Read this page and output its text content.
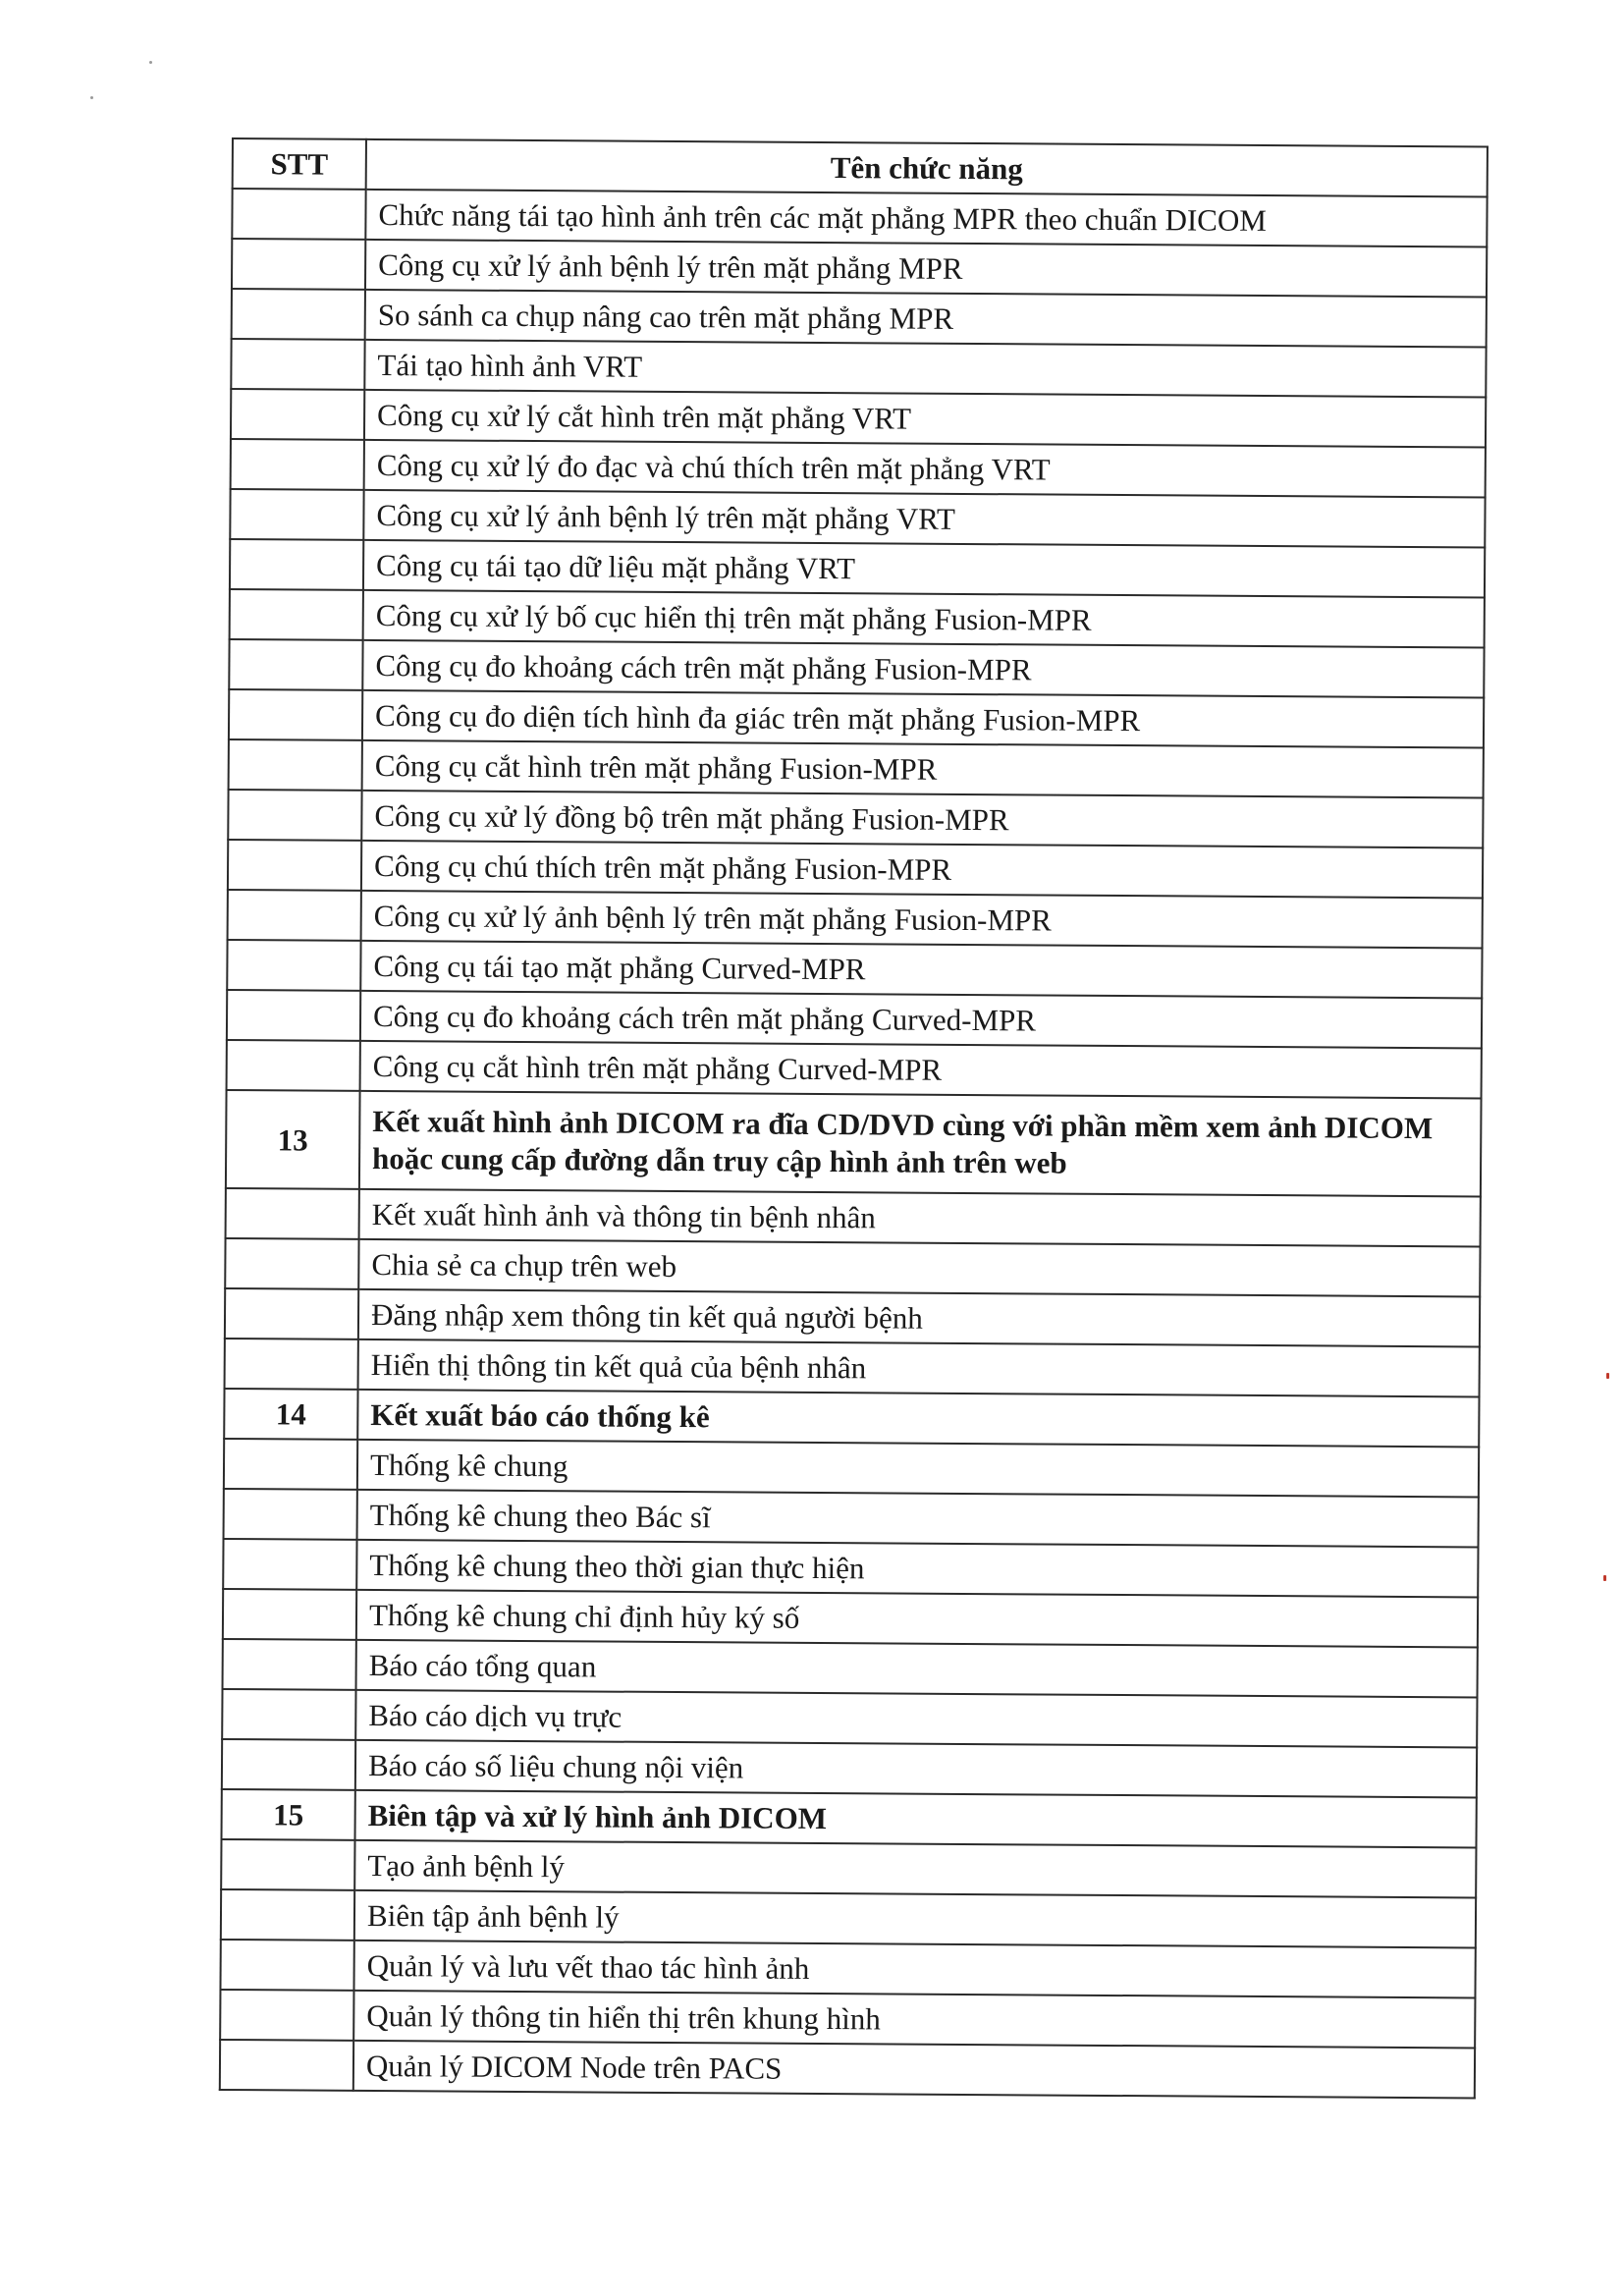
STT	Tên chức năng
	Chức năng tái tạo hình ảnh trên các mặt phẳng MPR theo chuẩn DICOM
	Công cụ xử lý ảnh bệnh lý trên mặt phẳng MPR
	So sánh ca chụp nâng cao trên mặt phẳng MPR
	Tái tạo hình ảnh VRT
	Công cụ xử lý cắt hình trên mặt phẳng VRT
	Công cụ xử lý đo đạc và chú thích trên mặt phẳng VRT
	Công cụ xử lý ảnh bệnh lý trên mặt phẳng VRT
	Công cụ tái tạo dữ liệu mặt phẳng VRT
	Công cụ xử lý bố cục hiển thị trên mặt phẳng Fusion-MPR
	Công cụ đo khoảng cách trên mặt phẳng Fusion-MPR
	Công cụ đo diện tích hình đa giác trên mặt phẳng Fusion-MPR
	Công cụ cắt hình trên mặt phẳng Fusion-MPR
	Công cụ xử lý đồng bộ trên mặt phẳng Fusion-MPR
	Công cụ chú thích trên mặt phẳng Fusion-MPR
	Công cụ xử lý ảnh bệnh lý trên mặt phẳng Fusion-MPR
	Công cụ tái tạo mặt phẳng Curved-MPR
	Công cụ đo khoảng cách trên mặt phẳng Curved-MPR
	Công cụ cắt hình trên mặt phẳng Curved-MPR
13	Kết xuất hình ảnh DICOM ra đĩa CD/DVD cùng với phần mềm xem ảnh DICOM hoặc cung cấp đường dẫn truy cập hình ảnh trên web
	Kết xuất hình ảnh và thông tin bệnh nhân
	Chia sẻ ca chụp trên web
	Đăng nhập xem thông tin kết quả người bệnh
	Hiển thị thông tin kết quả của bệnh nhân
14	Kết xuất báo cáo thống kê
	Thống kê chung
	Thống kê chung theo Bác sĩ
	Thống kê chung theo thời gian thực hiện
	Thống kê chung chỉ định hủy ký số
	Báo cáo tổng quan
	Báo cáo dịch vụ trực
	Báo cáo số liệu chung nội viện
15	Biên tập và xử lý hình ảnh DICOM
	Tạo ảnh bệnh lý
	Biên tập ảnh bệnh lý
	Quản lý và lưu vết thao tác hình ảnh
	Quản lý thông tin hiển thị trên khung hình
	Quản lý DICOM Node trên PACS
